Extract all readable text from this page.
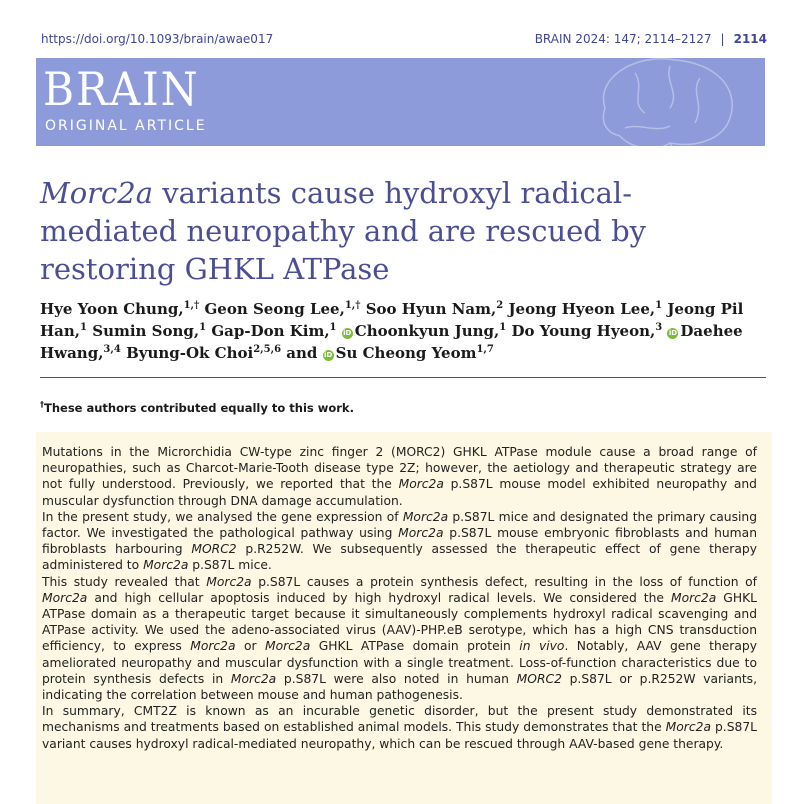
https://doi.org/10.1093/brain/awae017	BRAIN 2024: 147; 2114–2127 | 2114
BRAIN
ORIGINAL ARTICLE
Morc2a variants cause hydroxyl radical-mediated neuropathy and are rescued by restoring GHKL ATPase
Hye Yoon Chung,$^{1,\dagger}$ Geon Seong Lee,$^{1,\dagger}$ Soo Hyun Nam,$^2$ Jeong Hyeon Lee,$^1$ Jeong Pil Han,$^1$ Sumin Song,$^1$ Gap-Don Kim,$^1$ iD Choonkyun Jung,$^1$ Do Young Hyeon,$^3$ iD Daehee Hwang,$^{3,4}$ Byung-Ok Choi$^{2,5,6}$ and iD Su Cheong Yeom$^{1,7}$
†These authors contributed equally to this work.

Mutations in the Microrchidia CW-type zinc finger 2 (MORC2) GHKL ATPase module cause a broad range of neuropathies, such as Charcot-Marie-Tooth disease type 2Z; however, the aetiology and therapeutic strategy are not fully understood. Previously, we reported that the Morc2a p.S87L mouse model exhibited neuropathy and muscular dysfunction through DNA damage accumulation.

In the present study, we analysed the gene expression of Morc2a p.S87L mice and designated the primary causing factor. We investigated the pathological pathway using Morc2a p.S87L mouse embryonic fibroblasts and human fibroblasts harbouring MORC2 p.R252W. We subsequently assessed the therapeutic effect of gene therapy administered to Morc2a p.S87L mice.

This study revealed that Morc2a p.S87L causes a protein synthesis defect, resulting in the loss of function of Morc2a and high cellular apoptosis induced by high hydroxyl radical levels. We considered the Morc2a GHKL ATPase domain as a therapeutic target because it simultaneously complements hydroxyl radical scavenging and ATPase activity. We used the adeno-associated virus (AAV)-PHP.eB serotype, which has a high CNS transduction efficiency, to express Morc2a or Morc2a GHKL ATPase domain protein in vivo. Notably, AAV gene therapy ameliorated neuropathy and muscular dysfunction with a single treatment. Loss-of-function characteristics due to protein synthesis defects in Morc2a p.S87L were also noted in human MORC2 p.S87L or p.R252W variants, indicating the correlation between mouse and human pathogenesis.

In summary, CMT2Z is known as an incurable genetic disorder, but the present study demonstrated its mechanisms and treatments based on established animal models. This study demonstrates that the Morc2a p.S87L variant causes hydroxyl radical-mediated neuropathy, which can be rescued through AAV-based gene therapy.
